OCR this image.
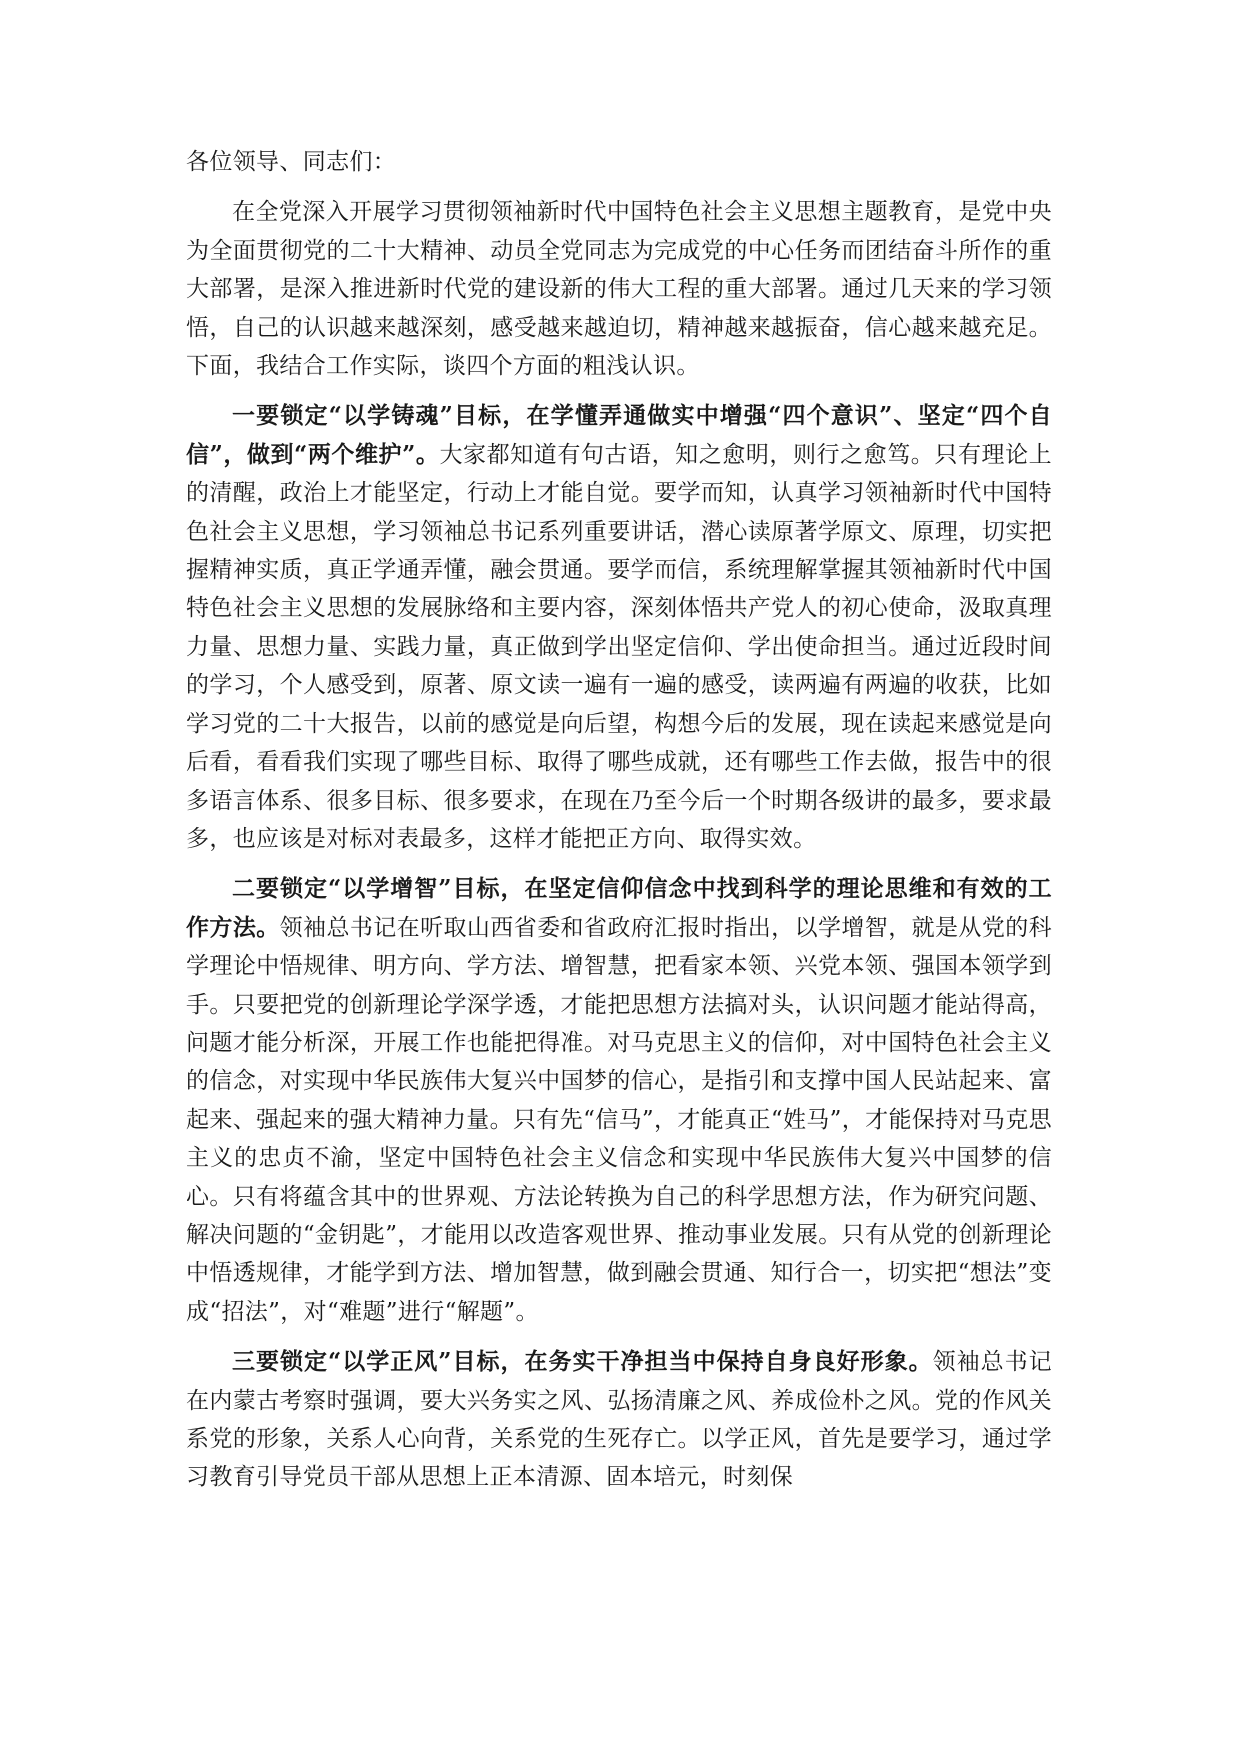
各位领导、同志们：

在全党深入开展学习贯彻领袖新时代中国特色社会主义思想主题教育，是党中央为全面贯彻党的二十大精神、动员全党同志为完成党的中心任务而团结奋斗所作的重大部署，是深入推进新时代党的建设新的伟大工程的重大部署。通过几天来的学习领悟，自己的认识越来越深刻，感受越来越迫切，精神越来越振奋，信心越来越充足。下面，我结合工作实际，谈四个方面的粗浅认识。

一要锁定“以学铸魂”目标，在学懂弄通做实中增强“四个意识”、坚定“四个自信”，做到“两个维护”。大家都知道有句古语，知之愈明，则行之愈笃。只有理论上的清醒，政治上才能坚定，行动上才能自觉。要学而知，认真学习领袖新时代中国特色社会主义思想，学习领袖总书记系列重要讲话，潜心读原著学原文、原理，切实把握精神实质，真正学通弄懂，融会贯通。要学而信，系统理解掌握其领袖新时代中国特色社会主义思想的发展脉络和主要内容，深刻体悟共产党人的初心使命，汲取真理力量、思想力量、实践力量，真正做到学出坚定信仰、学出使命担当。通过近段时间的学习，个人感受到，原著、原文读一遍有一遍的感受，读两遍有两遍的收获，比如学习党的二十大报告，以前的感觉是向后望，构想今后的发展，现在读起来感觉是向后看，看看我们实现了哪些目标、取得了哪些成就，还有哪些工作去做，报告中的很多语言体系、很多目标、很多要求，在现在乃至今后一个时期各级讲的最多，要求最多，也应该是对标对表最多，这样才能把正方向、取得实效。

二要锁定“以学增智”目标，在坚定信仰信念中找到科学的理论思维和有效的工作方法。领袖总书记在听取山西省委和省政府汇报时指出，以学增智，就是从党的科学理论中悟规律、明方向、学方法、增智慧，把看家本领、兴党本领、强国本领学到手。只要把党的创新理论学深学透，才能把思想方法搞对头，认识问题才能站得高，问题才能分析深，开展工作也能把得准。对马克思主义的信仰，对中国特色社会主义的信念，对实现中华民族伟大复兴中国梦的信心，是指引和支撑中国人民站起来、富起来、强起来的强大精神力量。只有先“信马”，才能真正“姓马”，才能保持对马克思主义的忠贞不渝，坚定中国特色社会主义信念和实现中华民族伟大复兴中国梦的信心。只有将蕴含其中的世界观、方法论转换为自己的科学思想方法，作为研究问题、解决问题的“金钥匙”，才能用以改造客观世界、推动事业发展。只有从党的创新理论中悟透规律，才能学到方法、增加智慧，做到融会贯通、知行合一，切实把“想法”变成“招法”，对“难题”进行“解题”。

三要锁定“以学正风”目标，在务实干净担当中保持自身良好形象。领袖总书记在内蒙古考察时强调，要大兴务实之风、弘扬清廉之风、养成俭朴之风。党的作风关系党的形象，关系人心向背，关系党的生死存亡。以学正风，首先是要学习，通过学习教育引导党员干部从思想上正本清源、固本培元，时刻保
